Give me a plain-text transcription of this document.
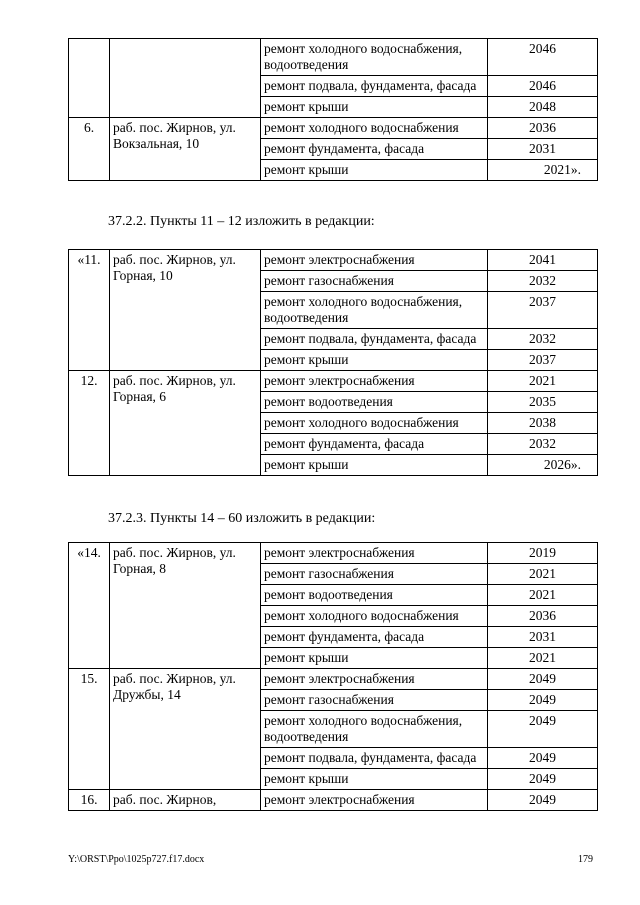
		ремонт холодного водоснабжения, водоотведения	2046
		ремонт подвала, фундамента, фасада	2046
		ремонт крыши	2048
6.	раб. пос. Жирнов, ул. Вокзальная, 10	ремонт холодного водоснабжения	2036
		ремонт фундамента, фасада	2031
		ремонт крыши	2021».
37.2.2. Пункты 11 – 12 изложить в редакции:
«11.	раб. пос. Жирнов, ул. Горная, 10	ремонт электроснабжения	2041
		ремонт газоснабжения	2032
		ремонт холодного водоснабжения, водоотведения	2037
		ремонт подвала, фундамента, фасада	2032
		ремонт крыши	2037
12.	раб. пос. Жирнов, ул. Горная, 6	ремонт электроснабжения	2021
		ремонт водоотведения	2035
		ремонт холодного водоснабжения	2038
		ремонт фундамента, фасада	2032
		ремонт крыши	2026».
37.2.3. Пункты 14 – 60 изложить в редакции:
«14.	раб. пос. Жирнов, ул. Горная, 8	ремонт электроснабжения	2019
		ремонт газоснабжения	2021
		ремонт водоотведения	2021
		ремонт холодного водоснабжения	2036
		ремонт фундамента, фасада	2031
		ремонт крыши	2021
15.	раб. пос. Жирнов, ул. Дружбы, 14	ремонт электроснабжения	2049
		ремонт газоснабжения	2049
		ремонт холодного водоснабжения, водоотведения	2049
		ремонт подвала, фундамента, фасада	2049
		ремонт крыши	2049
16.	раб. пос. Жирнов,	ремонт электроснабжения	2049
Y:\ORST\Ppo\1025p727.f17.docx	179
